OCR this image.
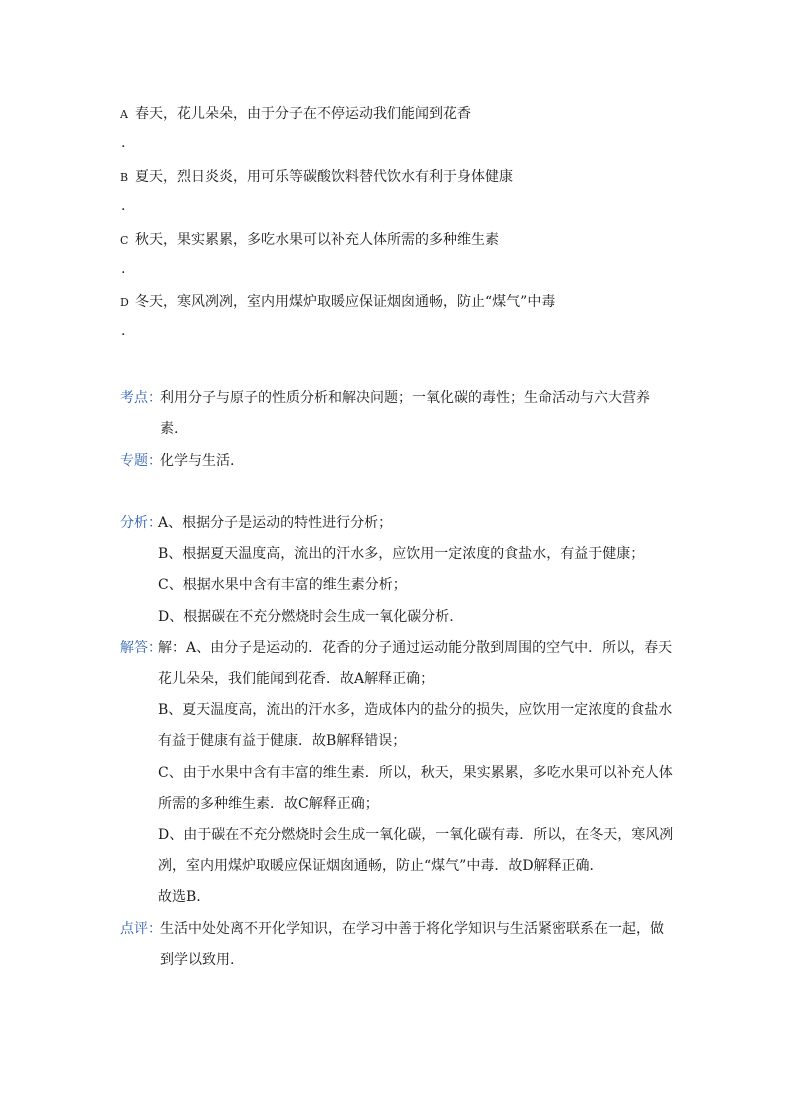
A 春天，花儿朵朵，由于分子在不停运动我们能闻到花香
.
B 夏天，烈日炎炎，用可乐等碳酸饮料替代饮水有利于身体健康
.
C 秋天，果实累累，多吃水果可以补充人体所需的多种维生素
.
D 冬天，寒风冽冽，室内用煤炉取暖应保证烟囱通畅，防止“煤气”中毒
.
考点：
利用分子与原子的性质分析和解决问题；一氧化碳的毒性；生命活动与六大营养
素.
专题：
化学与生活.
分析：
A、根据分子是运动的特性进行分析；
B、根据夏天温度高，流出的汗水多，应饮用一定浓度的食盐水，有益于健康；
C、根据水果中含有丰富的维生素分析；
D、根据碳在不充分燃烧时会生成一氧化碳分析.
解答：
解：A、由分子是运动的．花香的分子通过运动能分散到周围的空气中．所以，春天
花儿朵朵，我们能闻到花香．故A解释正确；
B、夏天温度高，流出的汗水多，造成体内的盐分的损失，应饮用一定浓度的食盐水
有益于健康有益于健康．故B解释错误；
C、由于水果中含有丰富的维生素．所以，秋天，果实累累，多吃水果可以补充人体
所需的多种维生素．故C解释正确；
D、由于碳在不充分燃烧时会生成一氧化碳，一氧化碳有毒．所以，在冬天，寒风冽
冽，室内用煤炉取暖应保证烟囱通畅，防止“煤气”中毒．故D解释正确．
故选B.
点评：
生活中处处离不开化学知识，在学习中善于将化学知识与生活紧密联系在一起，做
到学以致用.
